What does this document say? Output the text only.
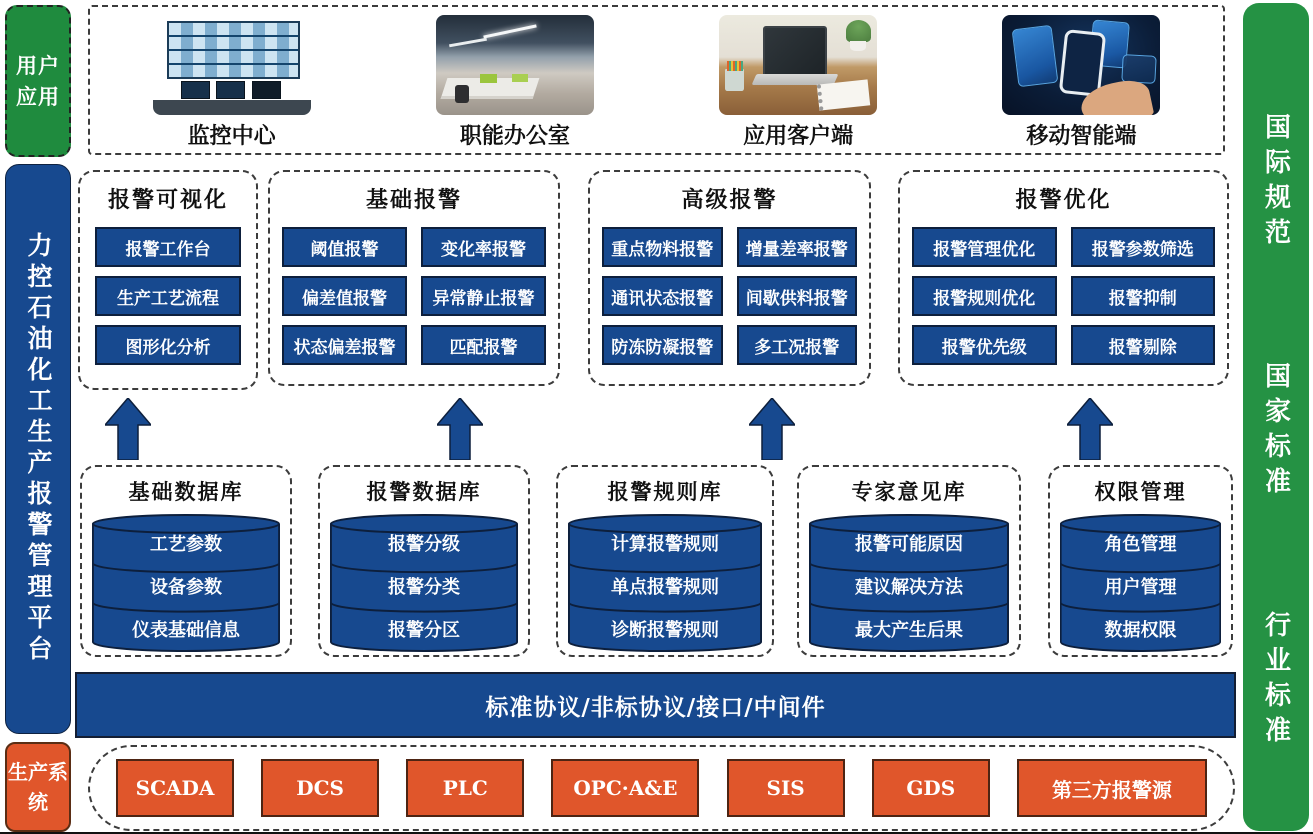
用户应用
力控石油化工生产报警管理平台
生产系统
国际规范
国家标准
行业标准
监控中心	职能办公室	应用客户端	移动智能端
报警可视化
报警工作台
生产工艺流程
图形化分析
基础报警
阈值报警	变化率报警
偏差值报警	异常静止报警
状态偏差报警	匹配报警
高级报警
重点物料报警	增量差率报警
通讯状态报警	间歇供料报警
防冻防凝报警	多工况报警
报警优化
报警管理优化	报警参数筛选
报警规则优化	报警抑制
报警优先级	报警剔除
基础数据库
工艺参数
设备参数
仪表基础信息
报警数据库
报警分级
报警分类
报警分区
报警规则库
计算报警规则
单点报警规则
诊断报警规则
专家意见库
报警可能原因
建议解决方法
最大产生后果
权限管理
角色管理
用户管理
数据权限
标准协议/非标协议/接口/中间件
SCADA	DCS	PLC	OPC·A&E	SIS	GDS	第三方报警源
